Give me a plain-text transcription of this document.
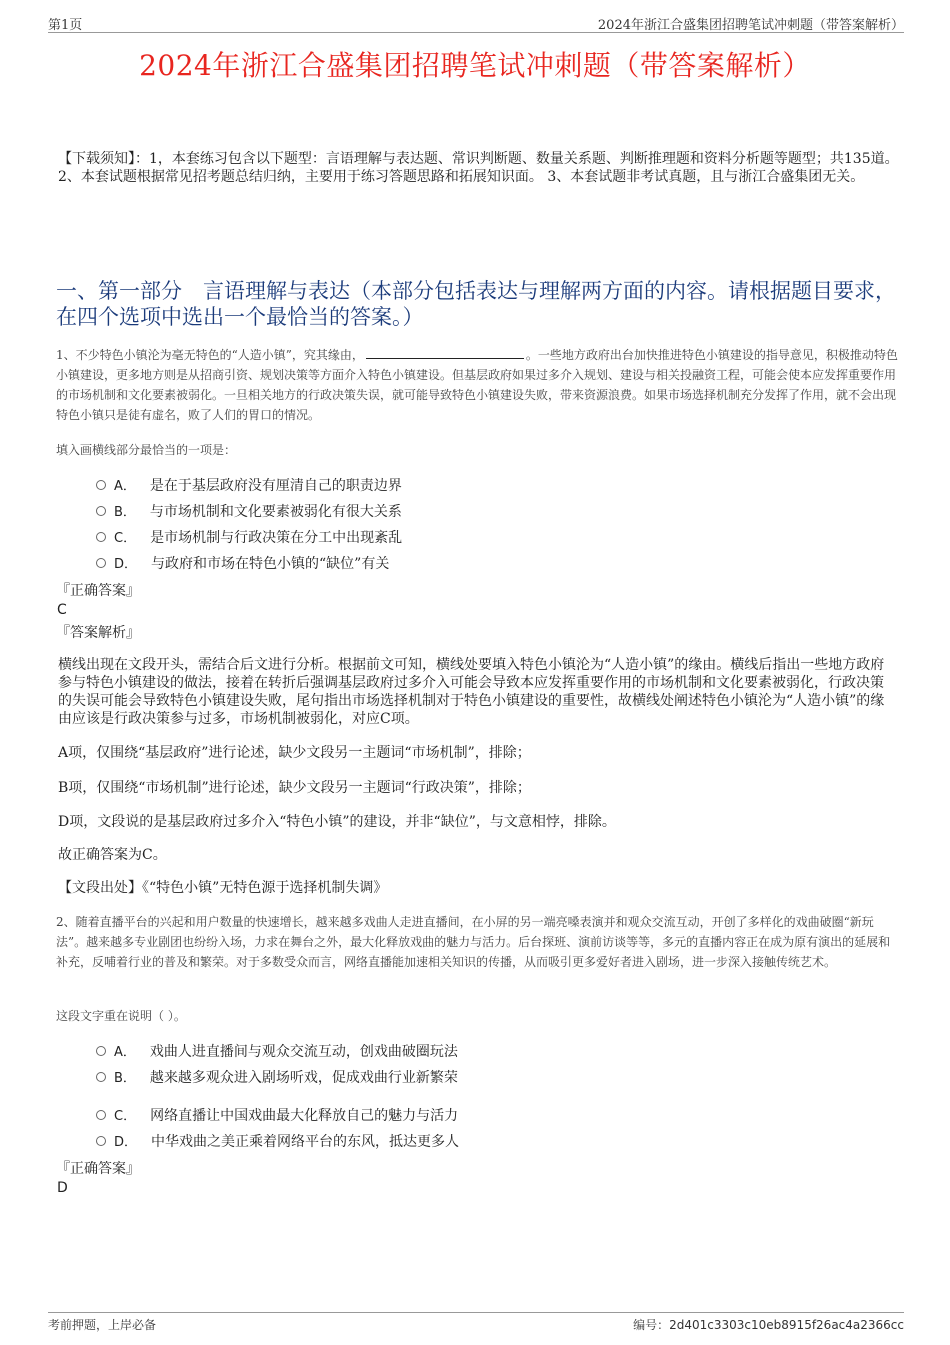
第1页	2024年浙江合盛集团招聘笔试冲刺题（带答案解析）
2024年浙江合盛集团招聘笔试冲刺题（带答案解析）
【下载须知】：1，本套练习包含以下题型：言语理解与表达题、常识判断题、数量关系题、判断推理题和资料分析题等题型；共135道。 2、本套试题根据常见招考题总结归纳，主要用于练习答题思路和拓展知识面。 3、本套试题非考试真题，且与浙江合盛集团无关。
一、第一部分　言语理解与表达（本部分包括表达与理解两方面的内容。请根据题目要求，在四个选项中选出一个最恰当的答案。）
1、不少特色小镇沦为毫无特色的“人造小镇”，究其缘由，	。一些地方政府出台加快推进特色小镇建设的指导意见，积极推动特色小镇建设，更多地方则是从招商引资、规划决策等方面介入特色小镇建设。但基层政府如果过多介入规划、建设与相关投融资工程，可能会使本应发挥重要作用的市场机制和文化要素被弱化。一旦相关地方的行政决策失误，就可能导致特色小镇建设失败，带来资源浪费。如果市场选择机制充分发挥了作用，就不会出现特色小镇只是徒有虚名，败了人们的胃口的情况。
填入画横线部分最恰当的一项是：
A． 是在于基层政府没有厘清自己的职责边界
B． 与市场机制和文化要素被弱化有很大关系
C． 是市场机制与行政决策在分工中出现紊乱
D． 与政府和市场在特色小镇的“缺位”有关
『正确答案』
C
『答案解析』
横线出现在文段开头，需结合后文进行分析。根据前文可知，横线处要填入特色小镇沦为“人造小镇”的缘由。横线后指出一些地方政府参与特色小镇建设的做法，接着在转折后强调基层政府过多介入可能会导致本应发挥重要作用的市场机制和文化要素被弱化，行政决策的失误可能会导致特色小镇建设失败，尾句指出市场选择机制对于特色小镇建设的重要性，故横线处阐述特色小镇沦为“人造小镇”的缘由应该是行政决策参与过多，市场机制被弱化，对应C项。
A项，仅围绕“基层政府”进行论述，缺少文段另一主题词“市场机制”，排除；
B项，仅围绕“市场机制”进行论述，缺少文段另一主题词“行政决策”，排除；
D项，文段说的是基层政府过多介入“特色小镇”的建设，并非“缺位”，与文意相悖，排除。
故正确答案为C。
【文段出处】《“特色小镇”无特色源于选择机制失调》
2、随着直播平台的兴起和用户数量的快速增长，越来越多戏曲人走进直播间，在小屏的另一端亮嗓表演并和观众交流互动，开创了多样化的戏曲破圈“新玩法”。越来越多专业剧团也纷纷入场，力求在舞台之外，最大化释放戏曲的魅力与活力。后台探班、演前访谈等等，多元的直播内容正在成为原有演出的延展和补充，反哺着行业的普及和繁荣。对于多数受众而言，网络直播能加速相关知识的传播，从而吸引更多爱好者进入剧场，进一步深入接触传统艺术。
这段文字重在说明（ ）。
A． 戏曲人进直播间与观众交流互动，创戏曲破圈玩法
B． 越来越多观众进入剧场听戏，促成戏曲行业新繁荣
C． 网络直播让中国戏曲最大化释放自己的魅力与活力
D． 中华戏曲之美正乘着网络平台的东风，抵达更多人
『正确答案』
D
考前押题，上岸必备	编号：2d401c3303c10eb8915f26ac4a2366cc
